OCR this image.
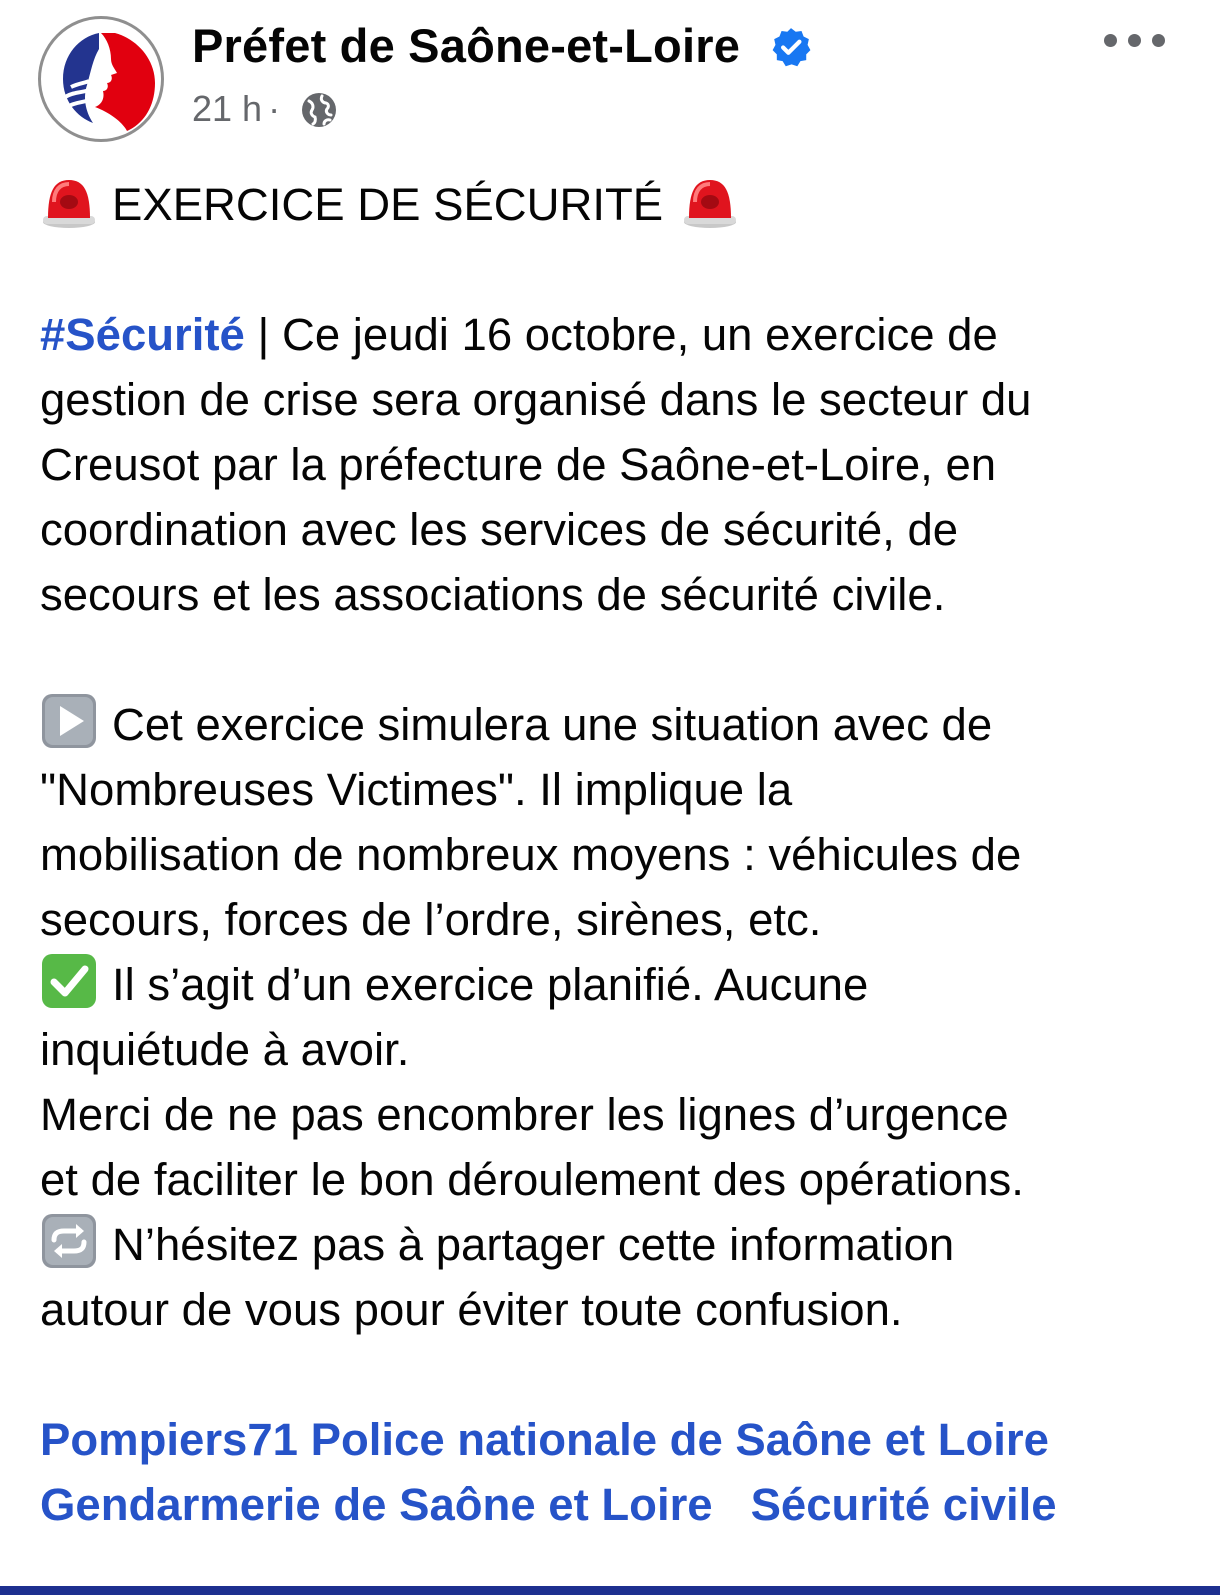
Préfet de Saône-et-Loire
21 h ·
EXERCICE DE SÉCURITÉ
#Sécurité | Ce jeudi 16 octobre, un exercice de
gestion de crise sera organisé dans le secteur du
Creusot par la préfecture de Saône-et-Loire, en
coordination avec les services de sécurité, de
secours et les associations de sécurité civile.
Cet exercice simulera une situation avec de
"Nombreuses Victimes". Il implique la
mobilisation de nombreux moyens : véhicules de
secours, forces de l’ordre, sirènes, etc.
Il s’agit d’un exercice planifié. Aucune
inquiétude à avoir.
Merci de ne pas encombrer les lignes d’urgence
et de faciliter le bon déroulement des opérations.
N’hésitez pas à partager cette information
autour de vous pour éviter toute confusion.
Pompiers71 Police nationale de Saône et Loire
Gendarmerie de Saône et Loire Sécurité civile
